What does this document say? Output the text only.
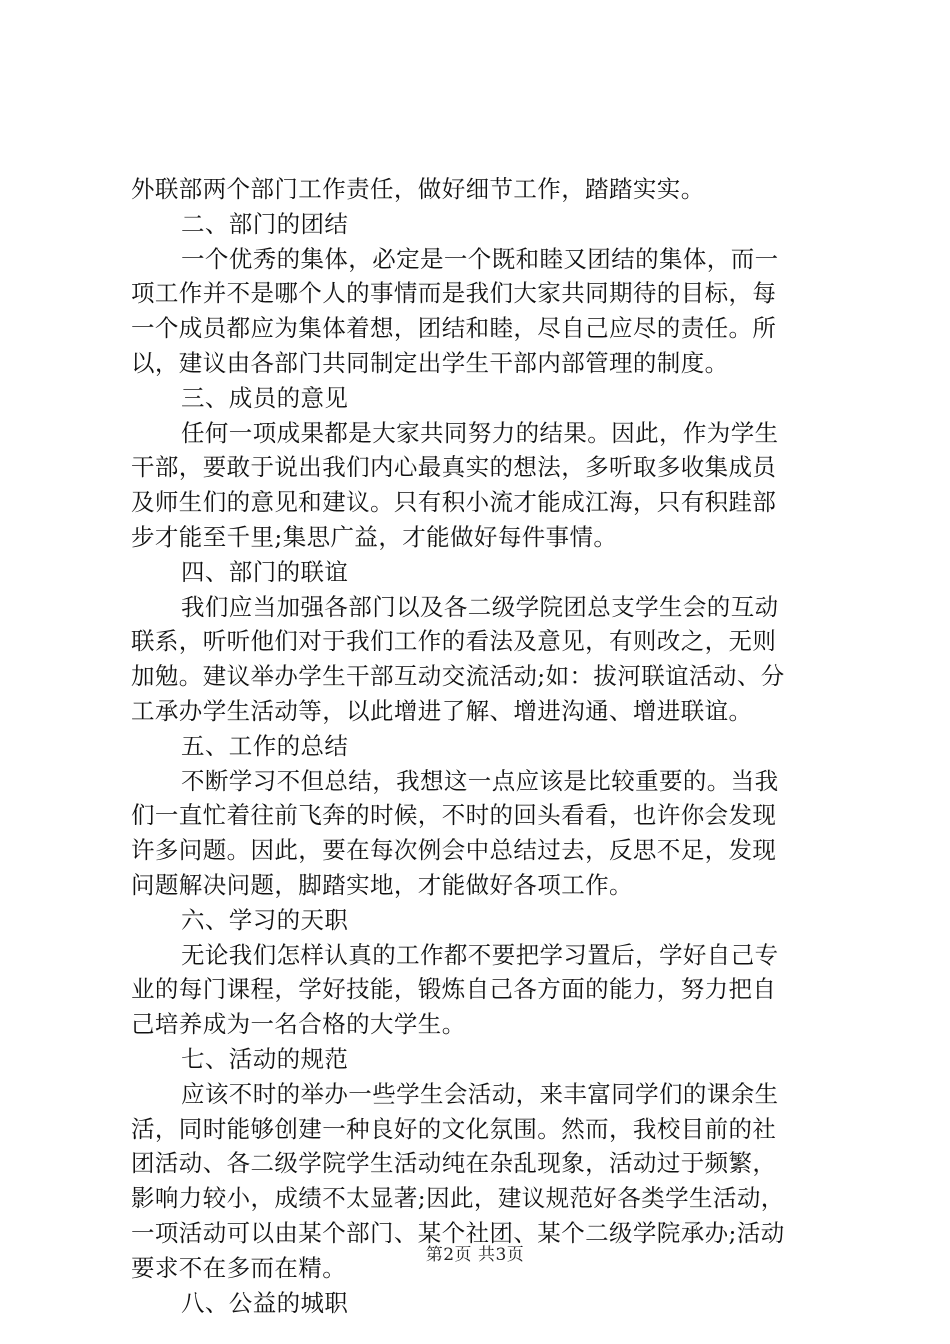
外联部两个部门工作责任，做好细节工作，踏踏实实。
二、部门的团结
一个优秀的集体，必定是一个既和睦又团结的集体，而一
项工作并不是哪个人的事情而是我们大家共同期待的目标，每
一个成员都应为集体着想，团结和睦，尽自己应尽的责任。所
以，建议由各部门共同制定出学生干部内部管理的制度。
三、成员的意见
任何一项成果都是大家共同努力的结果。因此，作为学生
干部，要敢于说出我们内心最真实的想法，多听取多收集成员
及师生们的意见和建议。只有积小流才能成江海，只有积跬部
步才能至千里;集思广益，才能做好每件事情。
四、部门的联谊
我们应当加强各部门以及各二级学院团总支学生会的互动
联系，听听他们对于我们工作的看法及意见，有则改之，无则
加勉。建议举办学生干部互动交流活动;如：拔河联谊活动、分
工承办学生活动等，以此增进了解、增进沟通、增进联谊。
五、工作的总结
不断学习不但总结，我想这一点应该是比较重要的。当我
们一直忙着往前飞奔的时候，不时的回头看看，也许你会发现
许多问题。因此，要在每次例会中总结过去，反思不足，发现
问题解决问题，脚踏实地，才能做好各项工作。
六、学习的天职
无论我们怎样认真的工作都不要把学习置后，学好自己专
业的每门课程，学好技能，锻炼自己各方面的能力，努力把自
己培养成为一名合格的大学生。
七、活动的规范
应该不时的举办一些学生会活动，来丰富同学们的课余生
活，同时能够创建一种良好的文化氛围。然而，我校目前的社
团活动、各二级学院学生活动纯在杂乱现象，活动过于频繁，
影响力较小，成绩不太显著;因此，建议规范好各类学生活动，
一项活动可以由某个部门、某个社团、某个二级学院承办;活动
要求不在多而在精。
八、公益的城职
第2页 共3页
